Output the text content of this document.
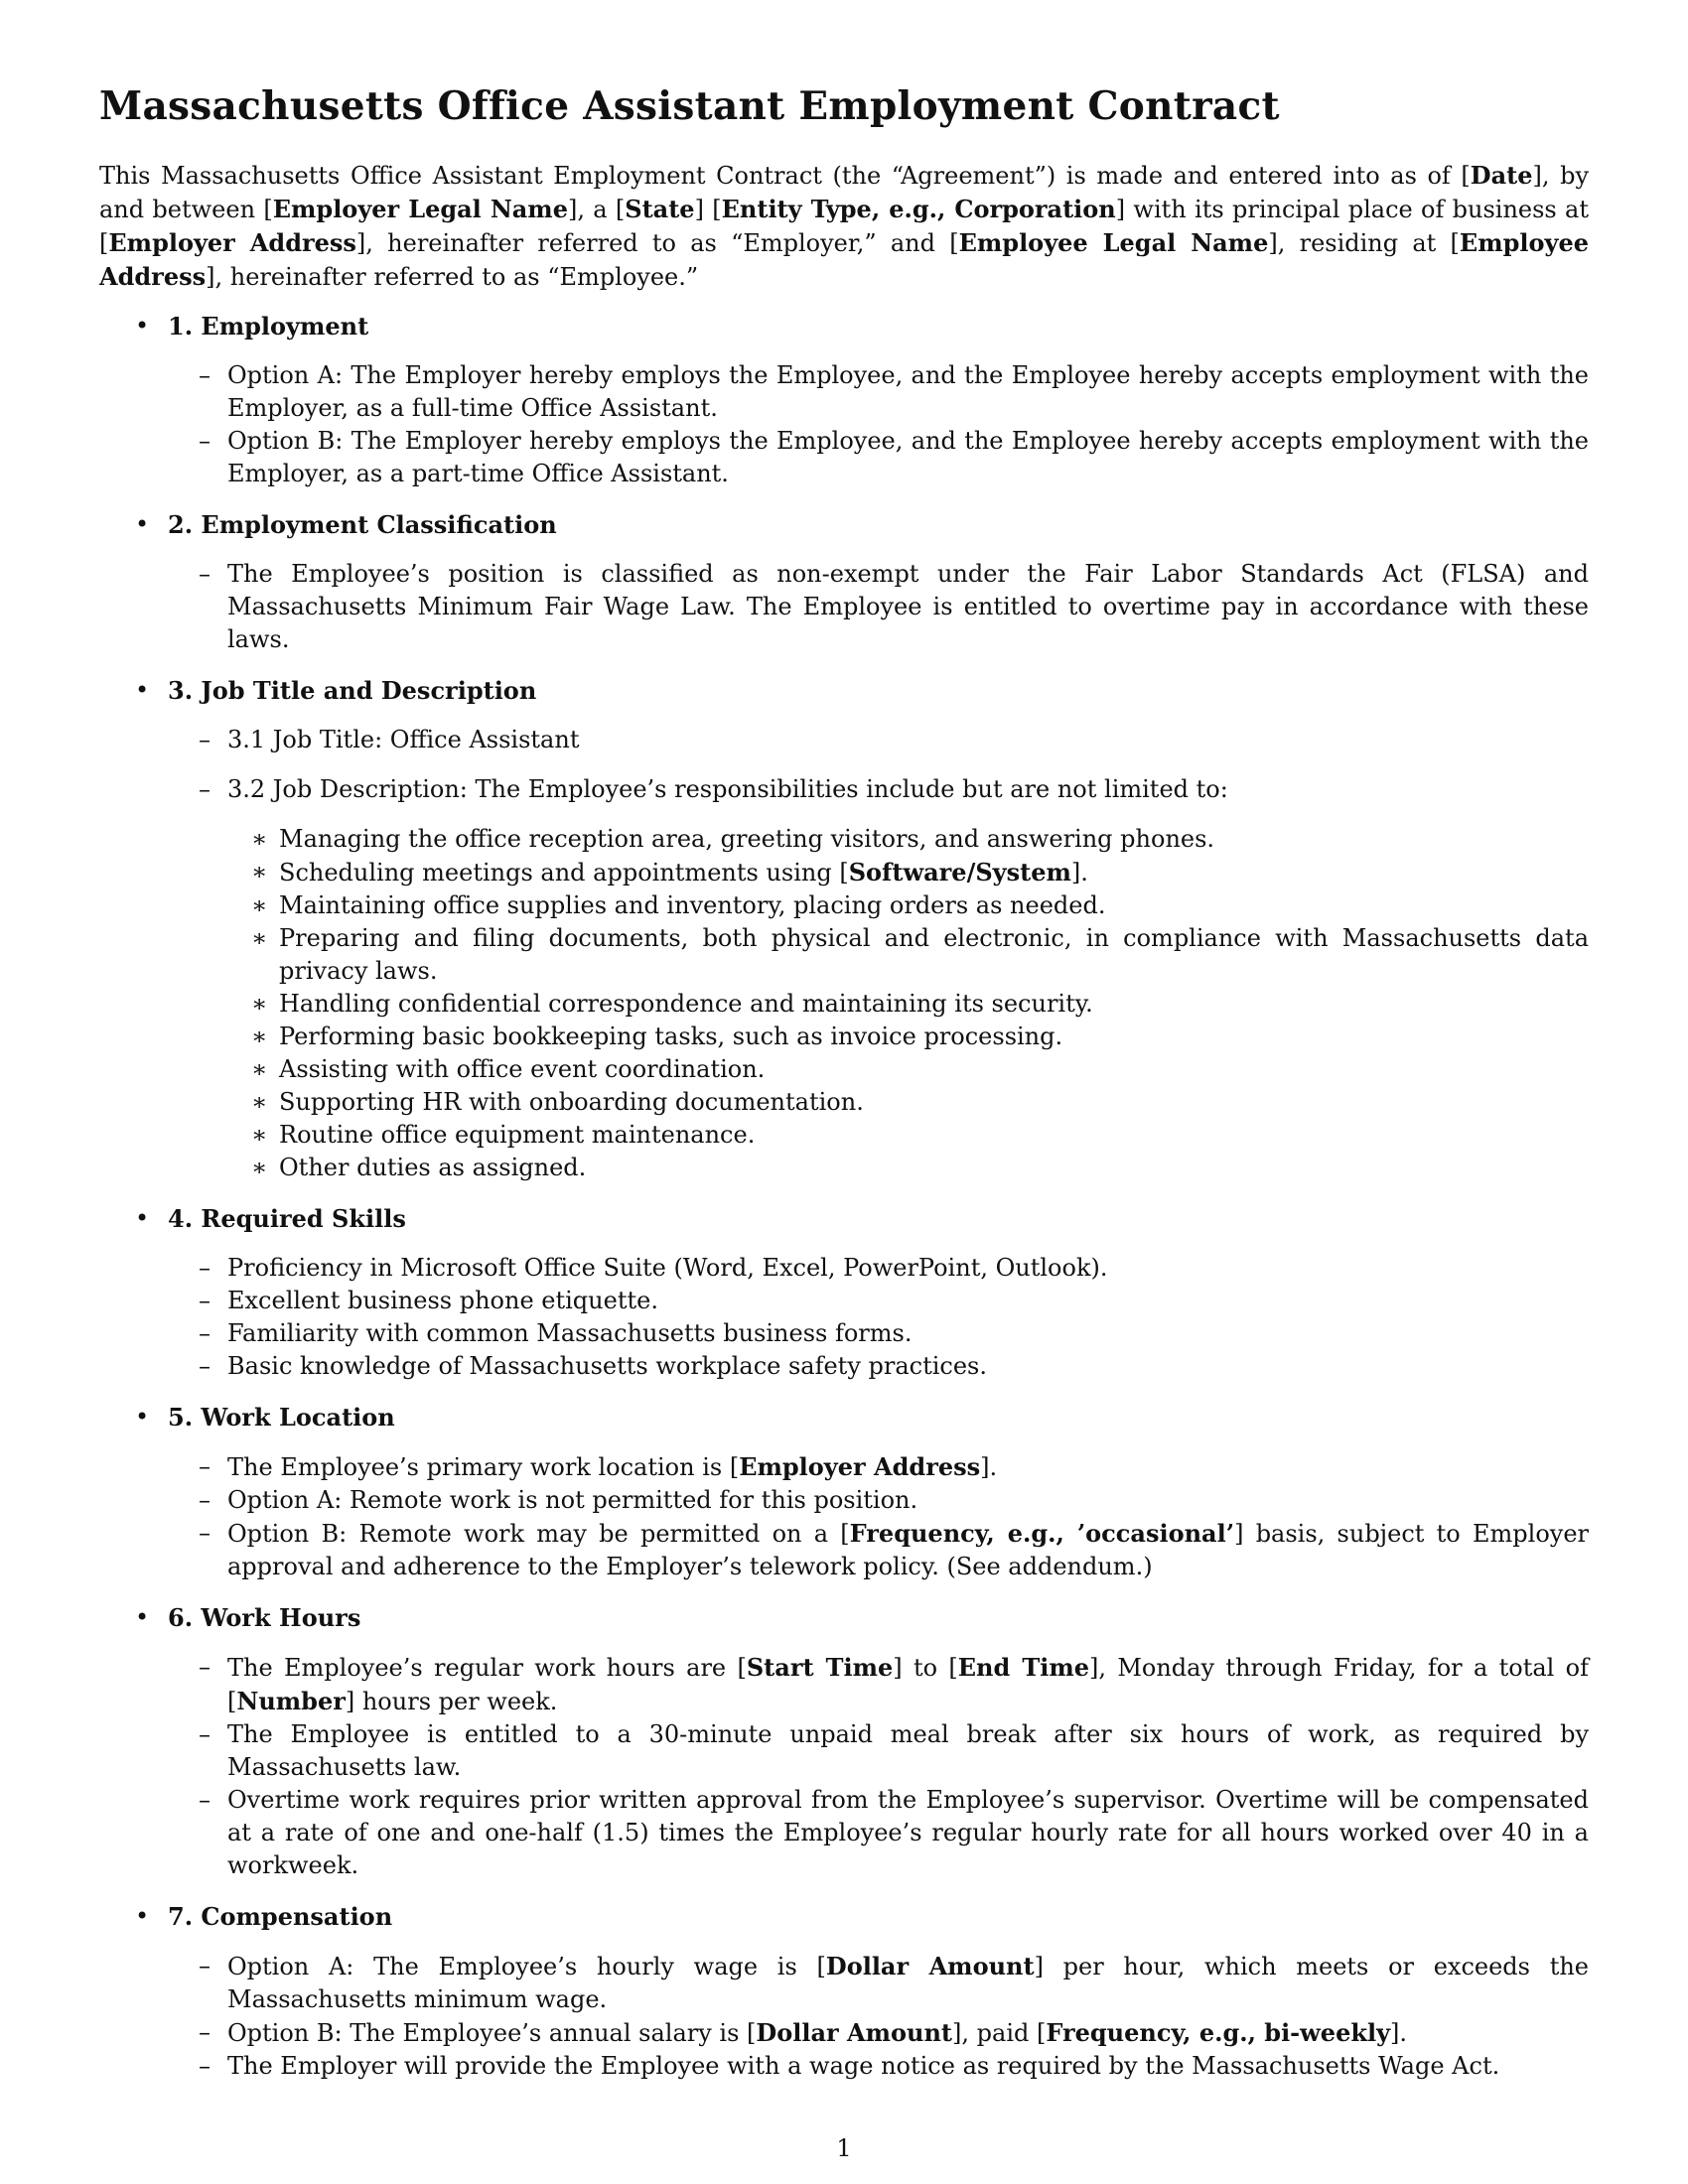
Massachusetts Office Assistant Employment Contract

This Massachusetts Office Assistant Employment Contract (the “Agreement”) is made and entered into as of [Date], by and between [Employer Legal Name], a [State] [Entity Type, e.g., Corporation] with its principal place of business at [Employer Address], hereinafter referred to as “Employer,” and [Employee Legal Name], residing at [Employee Address], hereinafter referred to as “Employee.”

• 1. Employment
– Option A: The Employer hereby employs the Employee, and the Employee hereby accepts employment with the Employer, as a full-time Office Assistant.
– Option B: The Employer hereby employs the Employee, and the Employee hereby accepts employment with the Employer, as a part-time Office Assistant.
• 2. Employment Classification
– The Employee’s position is classified as non-exempt under the Fair Labor Standards Act (FLSA) and Massachusetts Minimum Fair Wage Law. The Employee is entitled to overtime pay in accordance with these laws.
• 3. Job Title and Description
– 3.1 Job Title: Office Assistant
– 3.2 Job Description: The Employee’s responsibilities include but are not limited to:
∗ Managing the office reception area, greeting visitors, and answering phones.
∗ Scheduling meetings and appointments using [Software/System].
∗ Maintaining office supplies and inventory, placing orders as needed.
∗ Preparing and filing documents, both physical and electronic, in compliance with Massachusetts data privacy laws.
∗ Handling confidential correspondence and maintaining its security.
∗ Performing basic bookkeeping tasks, such as invoice processing.
∗ Assisting with office event coordination.
∗ Supporting HR with onboarding documentation.
∗ Routine office equipment maintenance.
∗ Other duties as assigned.
• 4. Required Skills
– Proficiency in Microsoft Office Suite (Word, Excel, PowerPoint, Outlook).
– Excellent business phone etiquette.
– Familiarity with common Massachusetts business forms.
– Basic knowledge of Massachusetts workplace safety practices.
• 5. Work Location
– The Employee’s primary work location is [Employer Address].
– Option A: Remote work is not permitted for this position.
– Option B: Remote work may be permitted on a [Frequency, e.g., ’occasional’] basis, subject to Employer approval and adherence to the Employer’s telework policy. (See addendum.)
• 6. Work Hours
– The Employee’s regular work hours are [Start Time] to [End Time], Monday through Friday, for a total of [Number] hours per week.
– The Employee is entitled to a 30-minute unpaid meal break after six hours of work, as required by Massachusetts law.
– Overtime work requires prior written approval from the Employee’s supervisor. Overtime will be compensated at a rate of one and one-half (1.5) times the Employee’s regular hourly rate for all hours worked over 40 in a workweek.
• 7. Compensation
– Option A: The Employee’s hourly wage is [Dollar Amount] per hour, which meets or exceeds the Massachusetts minimum wage.
– Option B: The Employee’s annual salary is [Dollar Amount], paid [Frequency, e.g., bi-weekly].
– The Employer will provide the Employee with a wage notice as required by the Massachusetts Wage Act.
1
